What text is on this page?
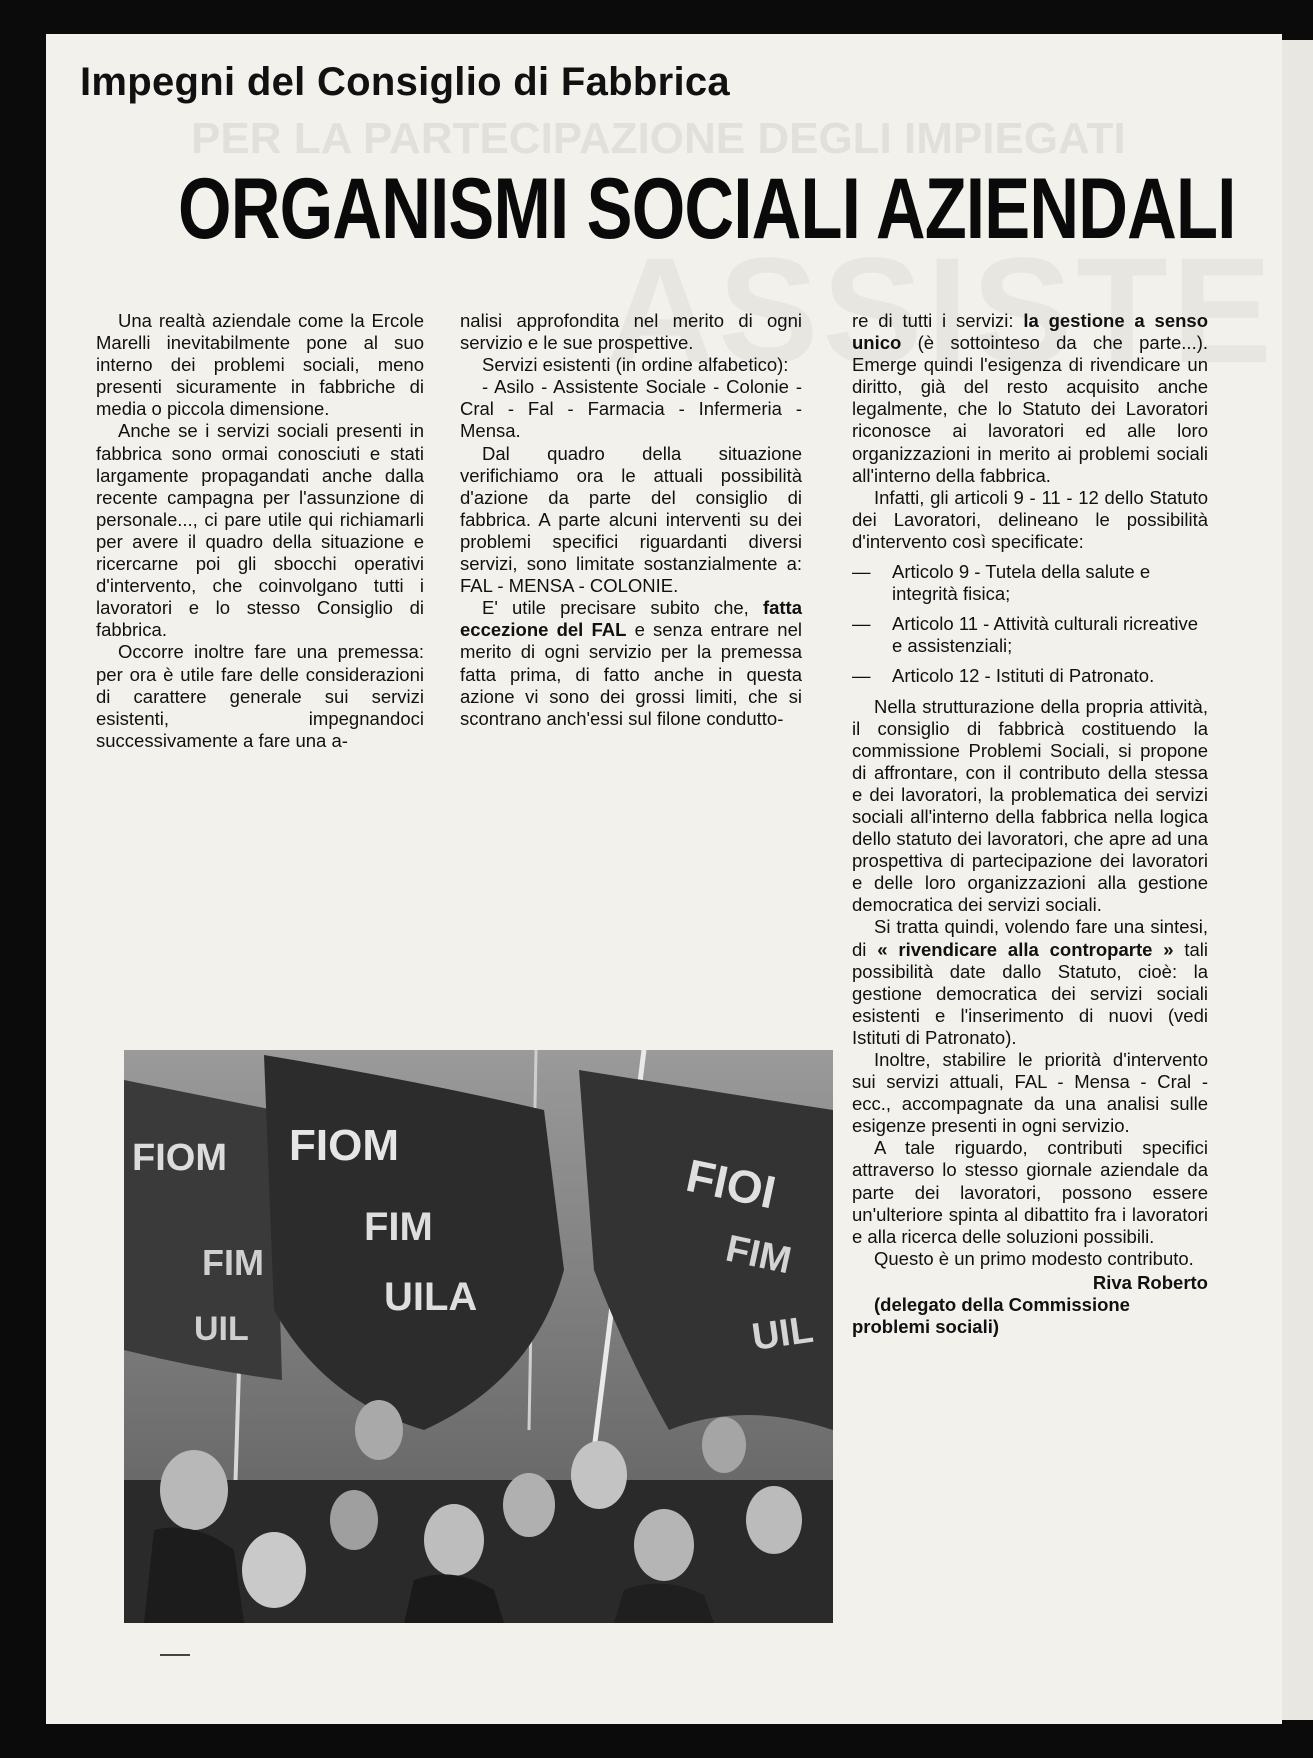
PER LA PARTECIPAZIONE DEGLI IMPIEGATI
Impegni del Consiglio di Fabbrica
ORGANISMI SOCIALI AZIENDALI

Una realtà aziendale come la Ercole Marelli inevitabilmente pone al suo interno dei problemi sociali, meno presenti sicuramente in fabbriche di media o piccola dimensione.

Anche se i servizi sociali presenti in fabbrica sono ormai conosciuti e stati largamente propagandati anche dalla recente campagna per l'assunzione di personale..., ci pare utile qui richiamarli per avere il quadro della situazione e ricercarne poi gli sbocchi operativi d'intervento, che coinvolgano tutti i lavoratori e lo stesso Consiglio di fabbrica.

Occorre inoltre fare una premessa: per ora è utile fare delle considerazioni di carattere generale sui servizi esistenti, impegnandoci successivamente a fare una a-

nalisi approfondita nel merito di ogni servizio e le sue prospettive.

Servizi esistenti (in ordine alfabetico):

- Asilo - Assistente Sociale - Colonie - Cral - Fal - Farmacia - Infermeria - Mensa.

Dal quadro della situazione verifichiamo ora le attuali possibilità d'azione da parte del consiglio di fabbrica. A parte alcuni interventi su dei problemi specifici riguardanti diversi servizi, sono limitate sostanzialmente a: FAL - MENSA - COLONIE.

E' utile precisare subito che, fatta eccezione del FAL e senza entrare nel merito di ogni servizio per la premessa fatta prima, di fatto anche in questa azione vi sono dei grossi limiti, che si scontrano anch'essi sul filone condutto-

re di tutti i servizi: la gestione a senso unico (è sottointeso da che parte...). Emerge quindi l'esigenza di rivendicare un diritto, già del resto acquisito anche legalmente, che lo Statuto dei Lavoratori riconosce ai lavoratori ed alle loro organizzazioni in merito ai problemi sociali all'interno della fabbrica.

Infatti, gli articoli 9 - 11 - 12 dello Statuto dei Lavoratori, delineano le possibilità d'intervento così specificate:

—	Articolo 9 - Tutela della salute e integrità fisica;

—	Articolo 11 - Attività culturali ricreative e assistenziali;

—	Articolo 12 - Istituti di Patronato.

Nella strutturazione della propria attività, il consiglio di fabbricà costituendo la commissione Problemi Sociali, si propone di affrontare, con il contributo della stessa e dei lavoratori, la problematica dei servizi sociali all'interno della fabbrica nella logica dello statuto dei lavoratori, che apre ad una prospettiva di partecipazione dei lavoratori e delle loro organizzazioni alla gestione democratica dei servizi sociali.

Si tratta quindi, volendo fare una sintesi, di « rivendicare alla controparte » tali possibilità date dallo Statuto, cioè: la gestione democratica dei servizi sociali esistenti e l'inserimento di nuovi (vedi Istituti di Patronato).

Inoltre, stabilire le priorità d'intervento sui servizi attuali, FAL - Mensa - Cral - ecc., accompagnate da una analisi sulle esigenze presenti in ogni servizio.

A tale riguardo, contributi specifici attraverso lo stesso giornale aziendale da parte dei lavoratori, possono essere un'ulteriore spinta al dibattito fra i lavoratori e alla ricerca delle soluzioni possibili.

Questo è un primo modesto contributo.

Riva Roberto

(delegato della Commissione problemi sociali)

FIOM
FIM
UIL
FIOM
FIM
UILA
FIOI
FIM
UIL
